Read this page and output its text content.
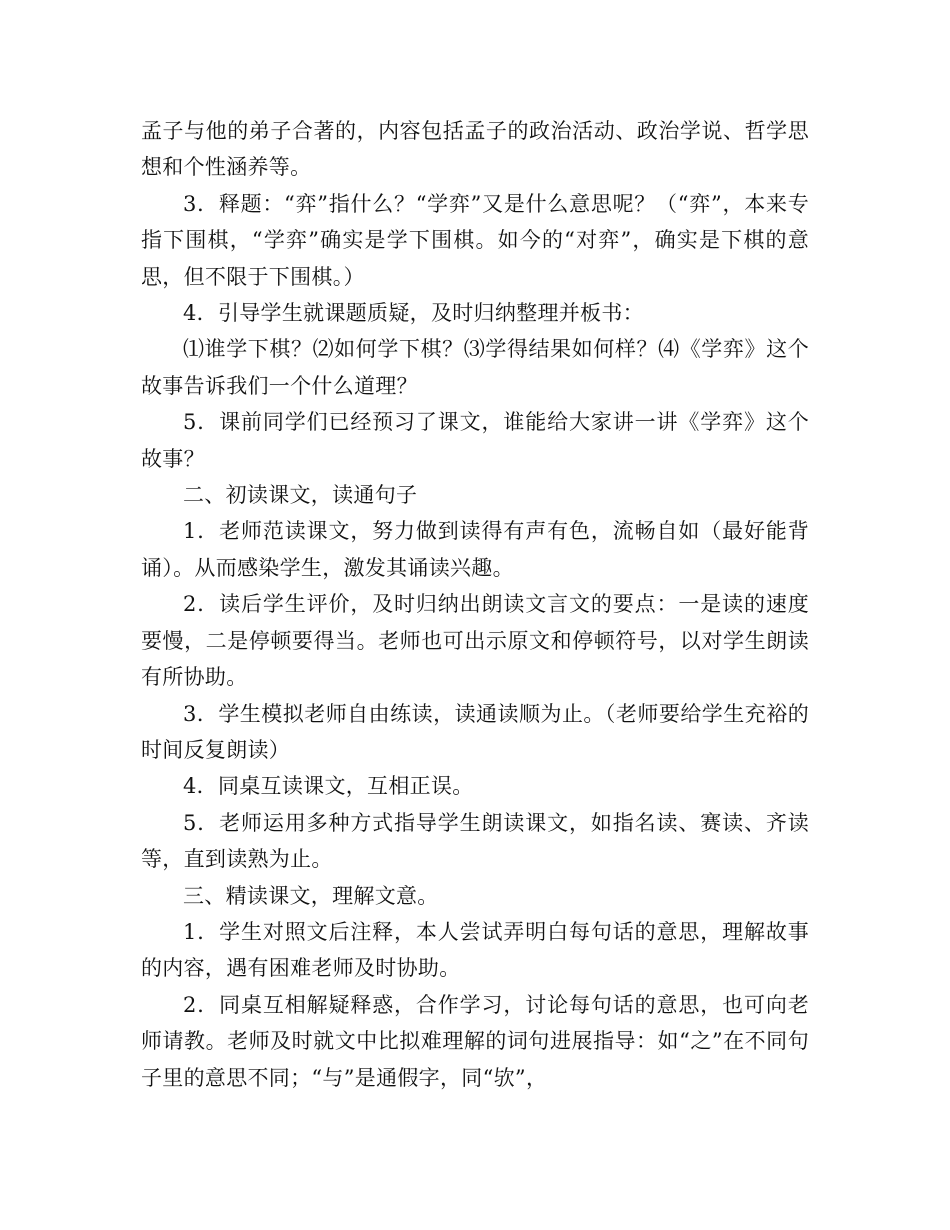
孟子与他的弟子合著的，内容包括孟子的政治活动、政治学说、哲学思想和个性涵养等。

3．释题：“弈”指什么？“学弈”又是什么意思呢？（“弈”，本来专指下围棋，“学弈”确实是学下围棋。如今的“对弈”，确实是下棋的意思，但不限于下围棋。）

4．引导学生就课题质疑，及时归纳整理并板书：

⑴谁学下棋？⑵如何学下棋？⑶学得结果如何样？⑷《学弈》这个故事告诉我们一个什么道理？

5．课前同学们已经预习了课文，谁能给大家讲一讲《学弈》这个故事？

二、初读课文，读通句子

1．老师范读课文，努力做到读得有声有色，流畅自如（最好能背诵）。从而感染学生，激发其诵读兴趣。

2．读后学生评价，及时归纳出朗读文言文的要点：一是读的速度要慢，二是停顿要得当。老师也可出示原文和停顿符号，以对学生朗读有所协助。

3．学生模拟老师自由练读，读通读顺为止。（老师要给学生充裕的时间反复朗读）

4．同桌互读课文，互相正误。

5．老师运用多种方式指导学生朗读课文，如指名读、赛读、齐读等，直到读熟为止。

三、精读课文，理解文意。

1．学生对照文后注释，本人尝试弄明白每句话的意思，理解故事的内容，遇有困难老师及时协助。

2．同桌互相解疑释惑，合作学习，讨论每句话的意思，也可向老师请教。老师及时就文中比拟难理解的词句进展指导：如“之”在不同句子里的意思不同；“与”是通假字，同“欤”，
